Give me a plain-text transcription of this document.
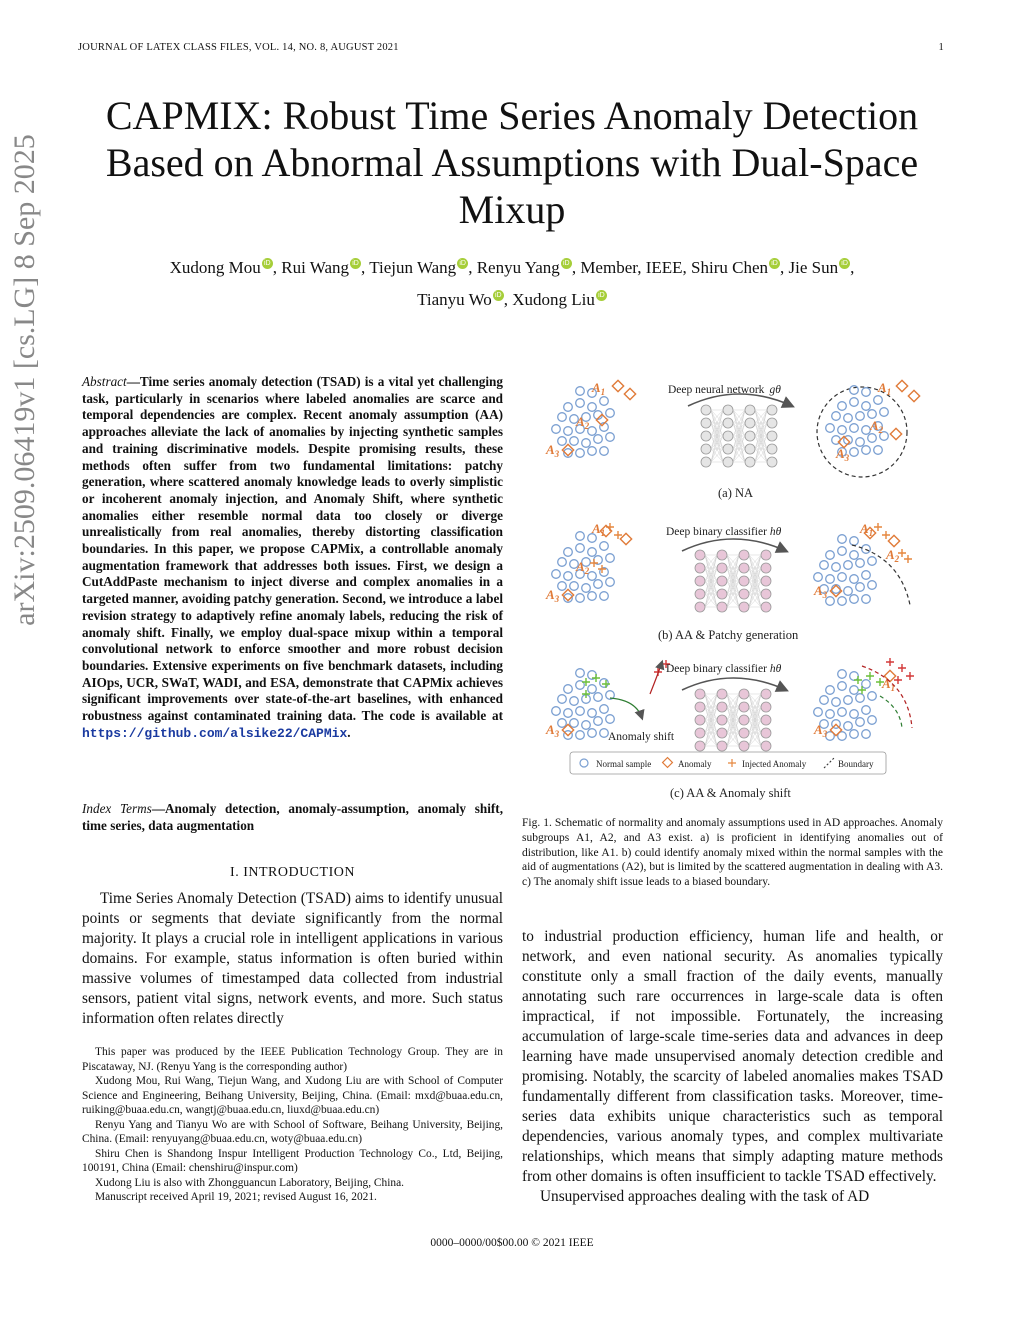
JOURNAL OF LATEX CLASS FILES, VOL. 14, NO. 8, AUGUST 2021	1
CAPMIX: Robust Time Series Anomaly Detection Based on Abnormal Assumptions with Dual-Space Mixup
Xudong Mou iD , Rui Wang iD , Tiejun Wang iD , Renyu Yang iD , Member, IEEE, Shiru Chen iD , Jie Sun iD ,
Tianyu Wo iD , Xudong Liu iD
arXiv:2509.06419v1 [cs.LG] 8 Sep 2025	Abstract—Time series anomaly detection (TSAD) is a vital yet challenging task, particularly in scenarios where labeled anomalies are scarce and temporal dependencies are complex. Recent anomaly assumption (AA) approaches alleviate the lack of anomalies by injecting synthetic samples and training discriminative models. Despite promising results, these methods often suffer from two fundamental limitations: patchy generation, where scattered anomaly knowledge leads to overly simplistic or incoherent anomaly injection, and Anomaly Shift, where synthetic anomalies either resemble normal data too closely or diverge unrealistically from real anomalies, thereby distorting classification boundaries. In this paper, we propose CAPMix, a controllable anomaly augmentation framework that addresses both issues. First, we design a CutAddPaste mechanism to inject diverse and complex anomalies in a targeted manner, avoiding patchy generation. Second, we introduce a label revision strategy to adaptively refine anomaly labels, reducing the risk of anomaly shift. Finally, we employ dual-space mixup within a temporal convolutional network to enforce smoother and more robust decision boundaries. Extensive experiments on five benchmark datasets, including AIOps, UCR, SWaT, WADI, and ESA, demonstrate that CAPMix achieves significant improvements over state-of-the-art baselines, with enhanced robustness against contaminated training data. The code is available at https://github.com/alsike22/CAPMix.
Index Terms—Anomaly detection, anomaly-assumption, anomaly shift, time series, data augmentation
I. INTRODUCTION
Time Series Anomaly Detection (TSAD) aims to identify unusual points or segments that deviate significantly from the normal majority. It plays a crucial role in intelligent applications in various domains. For example, status information is often buried within massive volumes of timestamped data collected from industrial sensors, patient vital signs, network events, and more. Such status information often relates directly

This paper was produced by the IEEE Publication Technology Group. They are in Piscataway, NJ. (Renyu Yang is the corresponding author)

Xudong Mou, Rui Wang, Tiejun Wang, and Xudong Liu are with School of Computer Science and Engineering, Beihang University, Beijing, China. (Email: mxd@buaa.edu.cn, ruiking@buaa.edu.cn, wangtj@buaa.edu.cn, liuxd@buaa.edu.cn)

Renyu Yang and Tianyu Wo are with School of Software, Beihang University, Beijing, China. (Email: renyuyang@buaa.edu.cn, woty@buaa.edu.cn)

Shiru Chen is Shandong Inspur Intelligent Production Technology Co., Ltd, Beijing, 100191, China (Email: chenshiru@inspur.com)

Xudong Liu is also with Zhongguancun Laboratory, Beijing, China.

Manuscript received April 19, 2021; revised August 16, 2021.

$A_1$
$A_2$
$A_3$
Deep neural network gθ	$A_1$
$A_2$
$A_3$
(a) NA
$A_1$
$A_2$
$A_3$
Deep binary classifier hθ	$A_1$
$A_2$
$A_3$
(b) AA & Patchy generation
$A_3$	Anomaly shift
Deep binary classifier hθ
$A_3$
$A_1$
Normal sample	Anomaly	Injected Anomaly	Boundary
(c) AA & Anomaly shift
Fig. 1. Schematic of normality and anomaly assumptions used in AD approaches. Anomaly subgroups A1, A2, and A3 exist. a) is proficient in identifying anomalies out of distribution, like A1. b) could identify anomaly mixed within the normal samples with the aid of augmentations (A2), but is limited by the scattered augmentation in dealing with A3. c) The anomaly shift issue leads to a biased boundary.

to industrial production efficiency, human life and health, or network, and even national security. As anomalies typically constitute only a small fraction of the daily events, manually annotating such rare occurrences in large-scale data is often impractical, if not impossible. Fortunately, the increasing accumulation of large-scale time-series data and advances in deep learning have made unsupervised anomaly detection credible and promising. Notably, the scarcity of labeled anomalies makes TSAD fundamentally different from classification tasks. Moreover, time-series data exhibits unique characteristics such as temporal dependencies, various anomaly types, and complex multivariate relationships, which means that simply adapting mature methods from other domains is often insufficient to tackle TSAD effectively.

Unsupervised approaches dealing with the task of AD

0000–0000/00$00.00 © 2021 IEEE
